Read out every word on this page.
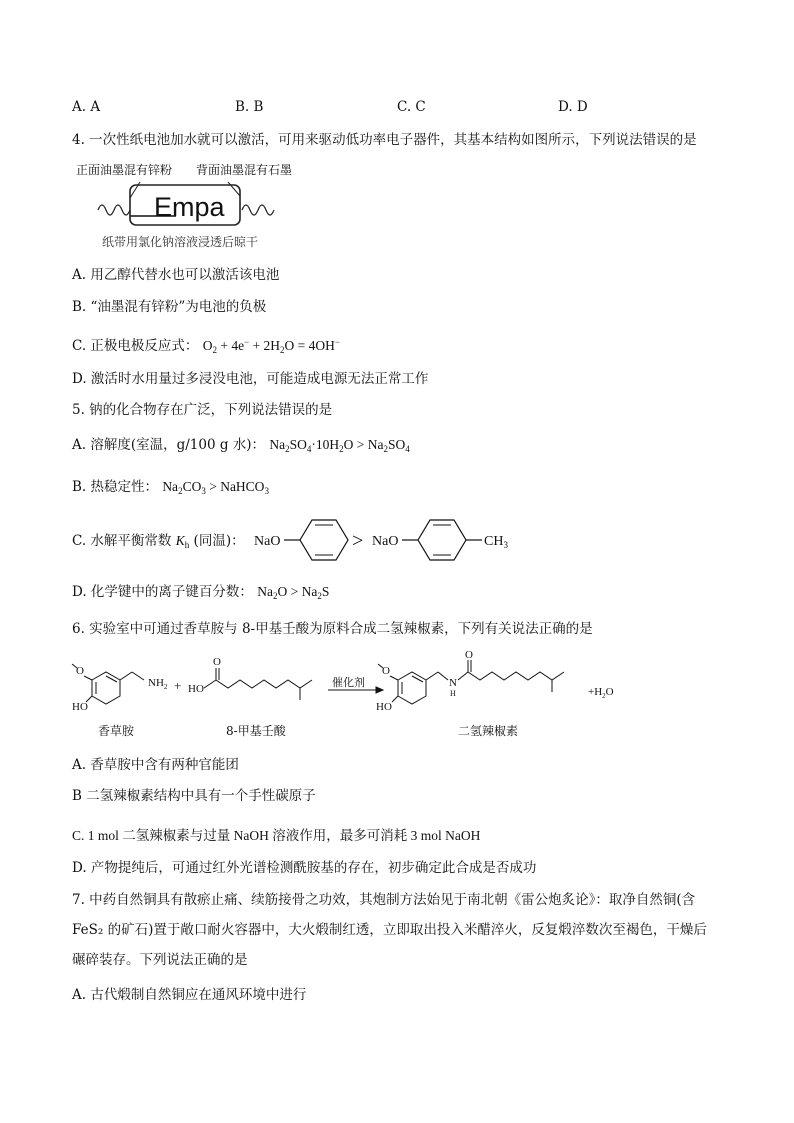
A. A	B. B	C. C	D. D
4. 一次性纸电池加水就可以激活，可用来驱动低功率电子器件，其基本结构如图所示，下列说法错误的是
正面油墨混有锌粉 背面油墨混有石墨
Empa
纸带用氯化钠溶液浸透后晾干
A. 用乙醇代替水也可以激活该电池
B. “油墨混有锌粉”为电池的负极
C. 正极电极反应式： $O_2 + 4e^- + 2H_2O = 4OH^-$
D. 激活时水用量过多浸没电池，可能造成电源无法正常工作
5. 钠的化合物存在广泛，下列说法错误的是
A. 溶解度(室温，g/100 g 水)： $Na_2SO_4\cdot 10H_2O > Na_2SO_4$
B. 热稳定性： $Na_2CO_3$ > NaHCO$_3$
C. 水解平衡常数 $K_h$ (同温)： NaO	> NaO	$CH_3$
D. 化学键中的离子键百分数： $Na_2O > Na_2S$
6. 实验室中可通过香草胺与 8-甲基壬酸为原料合成二氢辣椒素，下列有关说法正确的是
O
HO
$NH_2$ + HO
O
O
HO
N
H
O
$+H_2O$
催化剂
香草胺	8-甲基壬酸	二氢辣椒素
A. 香草胺中含有两种官能团
B 二氢辣椒素结构中具有一个手性碳原子
C. 1 mol 二氢辣椒素与过量 NaOH 溶液作用，最多可消耗 3 mol NaOH
D. 产物提纯后，可通过红外光谱检测酰胺基的存在，初步确定此合成是否成功
7. 中药自然铜具有散瘀止痛、续筋接骨之功效，其炮制方法始见于南北朝《雷公炮炙论》：取净自然铜(含
FeS₂ 的矿石)置于敞口耐火容器中，大火煅制红透，立即取出投入米醋淬火，反复煅淬数次至褐色，干燥后
碾碎装存。下列说法正确的是
A. 古代煅制自然铜应在通风环境中进行
